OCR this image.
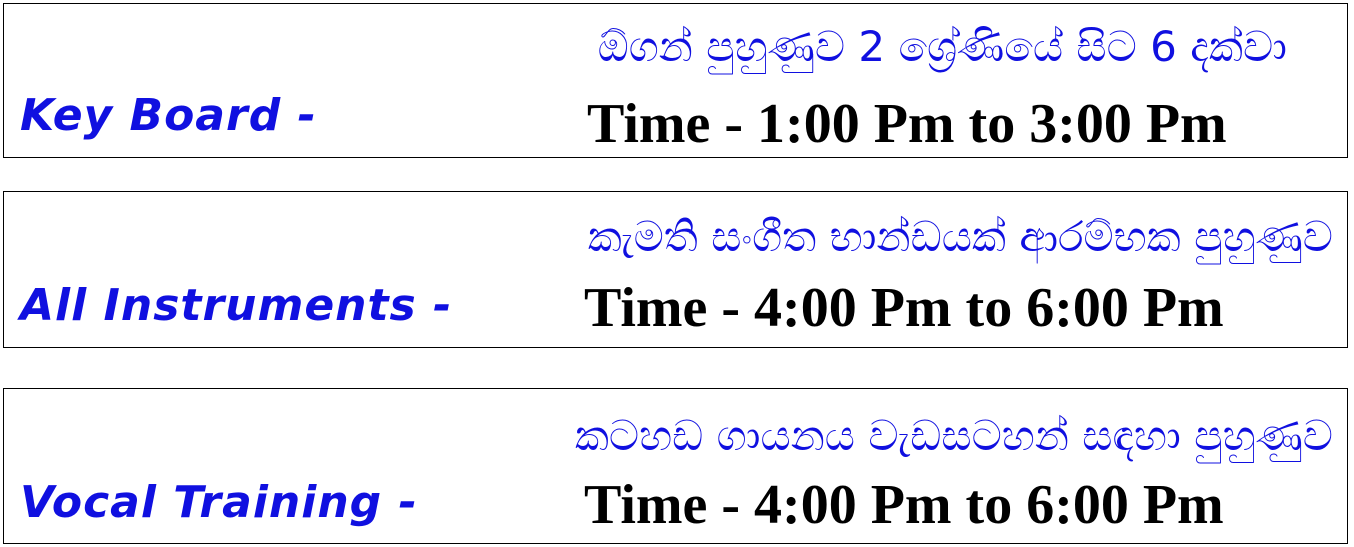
ඕගන් පුහුණුව 2 ශ්‍රේණියේ සිට 6 දක්වා
Key Board -	Time - 1:00 Pm to 3:00 Pm
කැමති සංගීත භාන්ඩයක් ආරම්භක පුහුණුව
All Instruments - Time - 4:00 Pm to 6:00 Pm
කටහඩ ගායනය වැඩසටහන් සඳහා පුහුණුව
Vocal Training -	Time - 4:00 Pm to 6:00 Pm
